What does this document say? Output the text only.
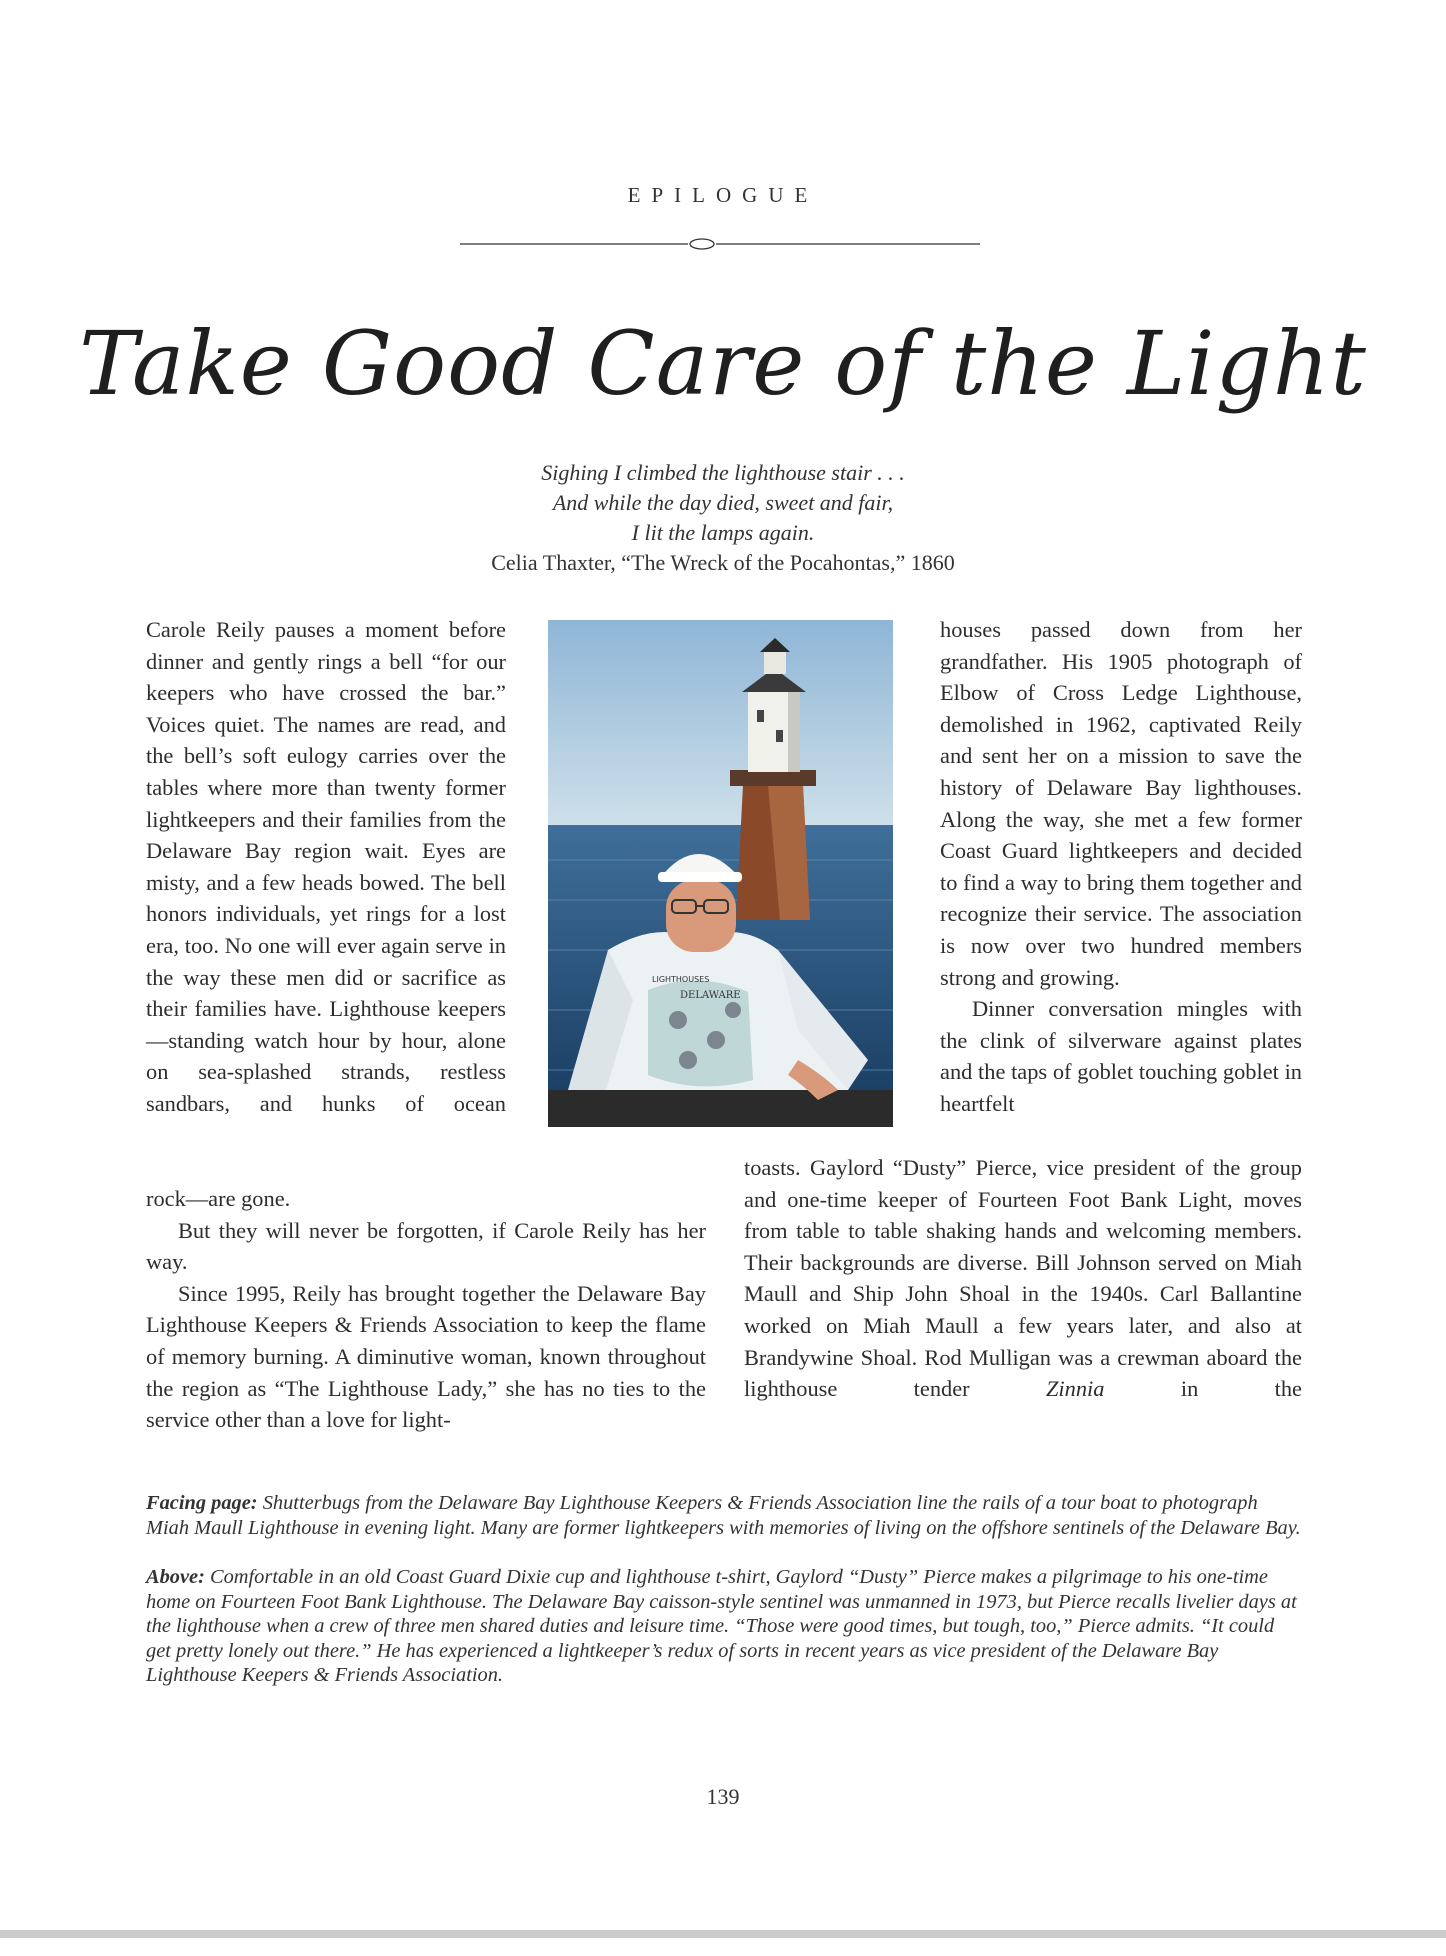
EPILOGUE
Take Good Care of the Light
Sighing I climbed the lighthouse stair . . .
And while the day died, sweet and fair,
I lit the lamps again.
Celia Thaxter, “The Wreck of the Pocahontas,” 1860

Carole Reily pauses a moment before dinner and gently rings a bell “for our keepers who have crossed the bar.” Voices quiet. The names are read, and the bell’s soft eulogy carries over the tables where more than twenty former lightkeepers and their families from the Delaware Bay region wait. Eyes are misty, and a few heads bowed. The bell honors individuals, yet rings for a lost era, too. No one will ever again serve in the way these men did or sacrifice as their families have. Lighthouse keepers—standing watch hour by hour, alone on sea-splashed strands, restless sandbars, and hunks of ocean

rock—are gone.

But they will never be forgotten, if Carole Reily has her way.

Since 1995, Reily has brought together the Delaware Bay Lighthouse Keepers & Friends Association to keep the flame of memory burning. A diminutive woman, known throughout the region as “The Lighthouse Lady,” she has no ties to the service other than a love for light-

LIGHTHOUSES
DELAWARE

houses passed down from her grandfather. His 1905 photograph of Elbow of Cross Ledge Lighthouse, demolished in 1962, captivated Reily and sent her on a mission to save the history of Delaware Bay lighthouses. Along the way, she met a few former Coast Guard lightkeepers and decided to find a way to bring them together and recognize their service. The association is now over two hundred members strong and growing.

Dinner conversation mingles with the clink of silverware against plates and the taps of goblet touching goblet in heartfelt

toasts. Gaylord “Dusty” Pierce, vice president of the group and one-time keeper of Fourteen Foot Bank Light, moves from table to table shaking hands and welcoming members. Their backgrounds are diverse. Bill Johnson served on Miah Maull and Ship John Shoal in the 1940s. Carl Ballantine worked on Miah Maull a few years later, and also at Brandywine Shoal. Rod Mulligan was a crewman aboard the lighthouse tender	Zinnia	in the

Facing page: Shutterbugs from the Delaware Bay Lighthouse Keepers & Friends Association line the rails of a tour boat to photograph Miah Maull Lighthouse in evening light. Many are former lightkeepers with memories of living on the offshore sentinels of the Delaware Bay.

Above: Comfortable in an old Coast Guard Dixie cup and lighthouse t-shirt, Gaylord “Dusty” Pierce makes a pilgrimage to his one-time home on Fourteen Foot Bank Lighthouse. The Delaware Bay caisson-style sentinel was unmanned in 1973, but Pierce recalls livelier days at the lighthouse when a crew of three men shared duties and leisure time. “Those were good times, but tough, too,” Pierce admits. “It could get pretty lonely out there.” He has experienced a lightkeeper’s redux of sorts in recent years as vice president of the Delaware Bay Lighthouse Keepers & Friends Association.

139
